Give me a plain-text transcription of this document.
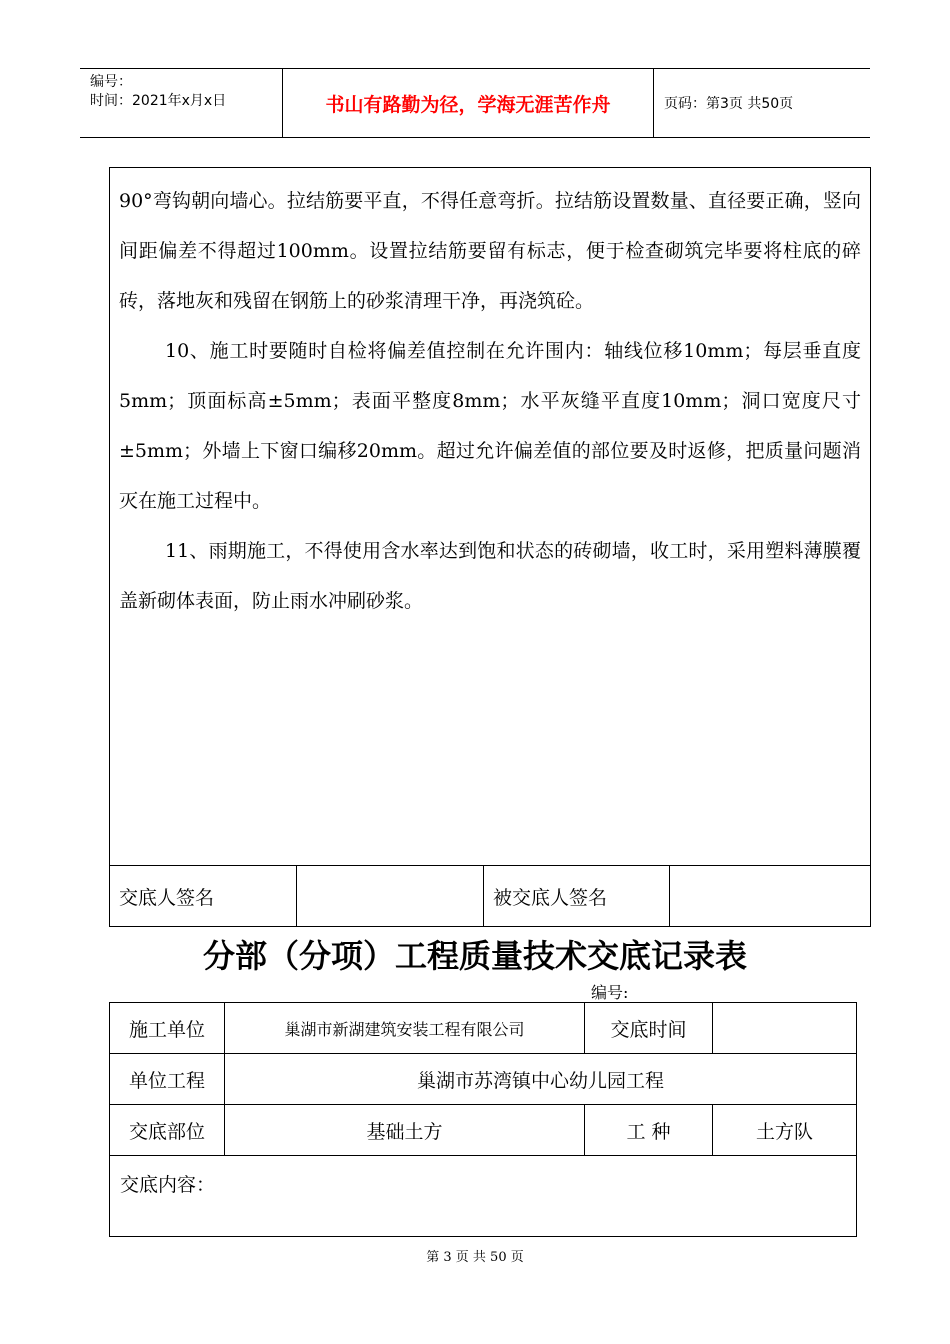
编号：
时间：2021年x月x日	书山有路勤为径，学海无涯苦作舟	页码：第3页 共50页

90°弯钩朝向墙心。拉结筋要平直，不得任意弯折。拉结筋设置数量、直径要正确，竖向间距偏差不得超过100mm。设置拉结筋要留有标志，便于检查砌筑完毕要将柱底的碎砖，落地灰和残留在钢筋上的砂浆清理干净，再浇筑砼。

10、施工时要随时自检将偏差值控制在允许围内：轴线位移10mm；每层垂直度5mm；顶面标高±5mm；表面平整度8mm；水平灰缝平直度10mm；洞口宽度尺寸±5mm；外墙上下窗口编移20mm。超过允许偏差值的部位要及时返修，把质量问题消灭在施工过程中。

11、雨期施工，不得使用含水率达到饱和状态的砖砌墙，收工时，采用塑料薄膜覆盖新砌体表面，防止雨水冲刷砂浆。

交底人签名	被交底人签名
分部（分项）工程质量技术交底记录表
编号:
施工单位	巢湖市新湖建筑安装工程有限公司	交底时间
单位工程	巢湖市苏湾镇中心幼儿园工程
交底部位	基础土方	工 种	土方队
交底内容：
第 3 页 共 50 页
